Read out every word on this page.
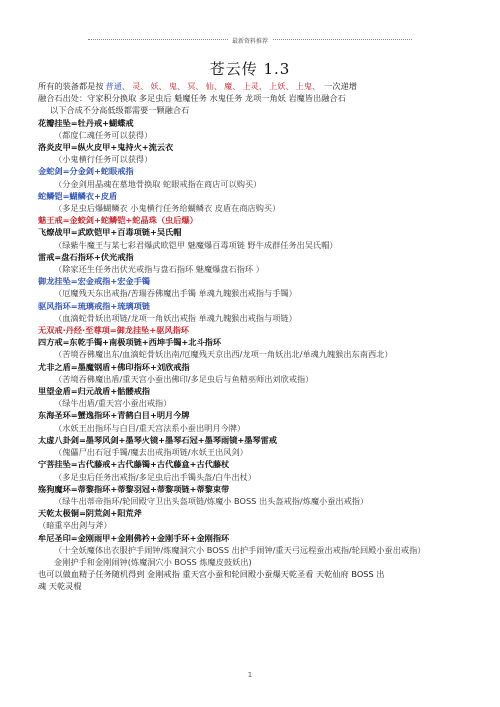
最新资料推荐
苍云传 1.3
所有的装备都是按 普通、 灵、 妖、 鬼、 冥、 仙、 魔、 上灵、 上妖、 上鬼、 一次递增
融合石出处：守家积分换取 多足虫后 魁魔任务 水鬼任务 龙项一角妖 岩魔皆出融合石
以下合成不分高低级都需要一颗融合石
花瓣挂坠=牡丹戒+蝴蝶戒
（都度仁魂任务可以获得）
洛炎皮甲=纵火皮甲+鬼持火+流云衣
（小鬼横行任务可以获得）
金蛇剑=分金剑+蛇眼戒指
（分金剑用晶魂在墓地骨换取 蛇眼戒指在商店可以购买）
蛇鳞铠=蝴鳞衣+皮盾
（多足虫后爆蝴鳞衣 小鬼横行任务给蝴鳞衣 皮盾在商店购买）
魅王戒=金蛟剑+蛇鳞铠+蛇晶珠（虫后爆）
飞燎战甲=武欧铠甲+百毒项链+吴氏帽
（绿紫牛魔王与某七彩君爆武欧铠甲 魅魔爆百毒项链 野牛成群任务出吴氏帽）
雷戒=盘石指环+伏光戒指
（除家还生任务出伏光戒指与盘石指环 魅魔爆盘石指环 ）
御龙挂坠=宏金戒指+宏金手镯
（厄魔残天东出戒指/苦瑞吞佛魔出手镯 单魂九魄猴出戒指与手镯）
驱风指环=琉璃戒指+琉璃项链
（血滴蛇骨妖出项链/龙项一角妖出戒指 单魂九魄猴出戒指与项链）
无双戒·丹经·至尊项=御龙挂坠+驱风指环
四方戒=东乾手镯+南极项链+西坤手镯+北斗指环
（苦境吞佛魔出东/血滴蛇骨妖出南/厄魔残天京出西/龙项一角妖出北/单魂九魄猴出东南西北）
尤非之盾=墨魔钢盾+佛印指环+刘欣戒指
（苦境吞佛魔出盾/重天宫小蚕出佛印/多足虫后与鱼精巫师出刘欣戒指）
里望金盾=归元战盾+骷髅戒指
（绿牛出盾/重天宫小蚕出戒指）
东海圣环=蟹逸指环+青鹤白目+明月今牌
（水妖王出指环与白目/重天宫法系小蚕出明月今牌）
太虚八卦剑=墨琴风剑+墨琴火镜+墨琴石冠+墨琴雨镜+墨琴雷戒
（傀儡尸出石冠手镯/魔去出戒指项链/水妖王出风剑）
宁菩挂坠=古代藤戒+古代藤镯+古代藤盒+古代藤杖
（多足虫后任务出戒指/多足虫后出手镯头盔/白牛出杖）
殇狗魔环=蒂黎指环+蒂黎羽冠+蒂黎项链+蒂黎束带
（绿牛出蒂帝指环/轮回殿守卫出头盔项链/炼魔小 BOSS 出头盔戒指/炼魔小蚕出戒指）
天乾太极铜=阴荒剑+阳荒斧
（暗重卒出剑与斧）
牟尼圣印=金刚雨甲+金刚佛衿+金刚手环+金刚指环
（十全妖魔体出衣服护手闹钟/炼魔洞穴小 BOSS 出护手闹钟/重天弓远程蚕出戒指/轮回殿小蚕出戒指）
金刚护手和金刚闹钟(炼魔洞穴小 BOSS 炼魔皮鼓妖出)
也可以做血精子任务随机得到 金刚戒指 重天宫小蚕和轮回殿小蚕爆天乾圣看 天乾仙府 BOSS 出
魂 天乾灵棍
1
